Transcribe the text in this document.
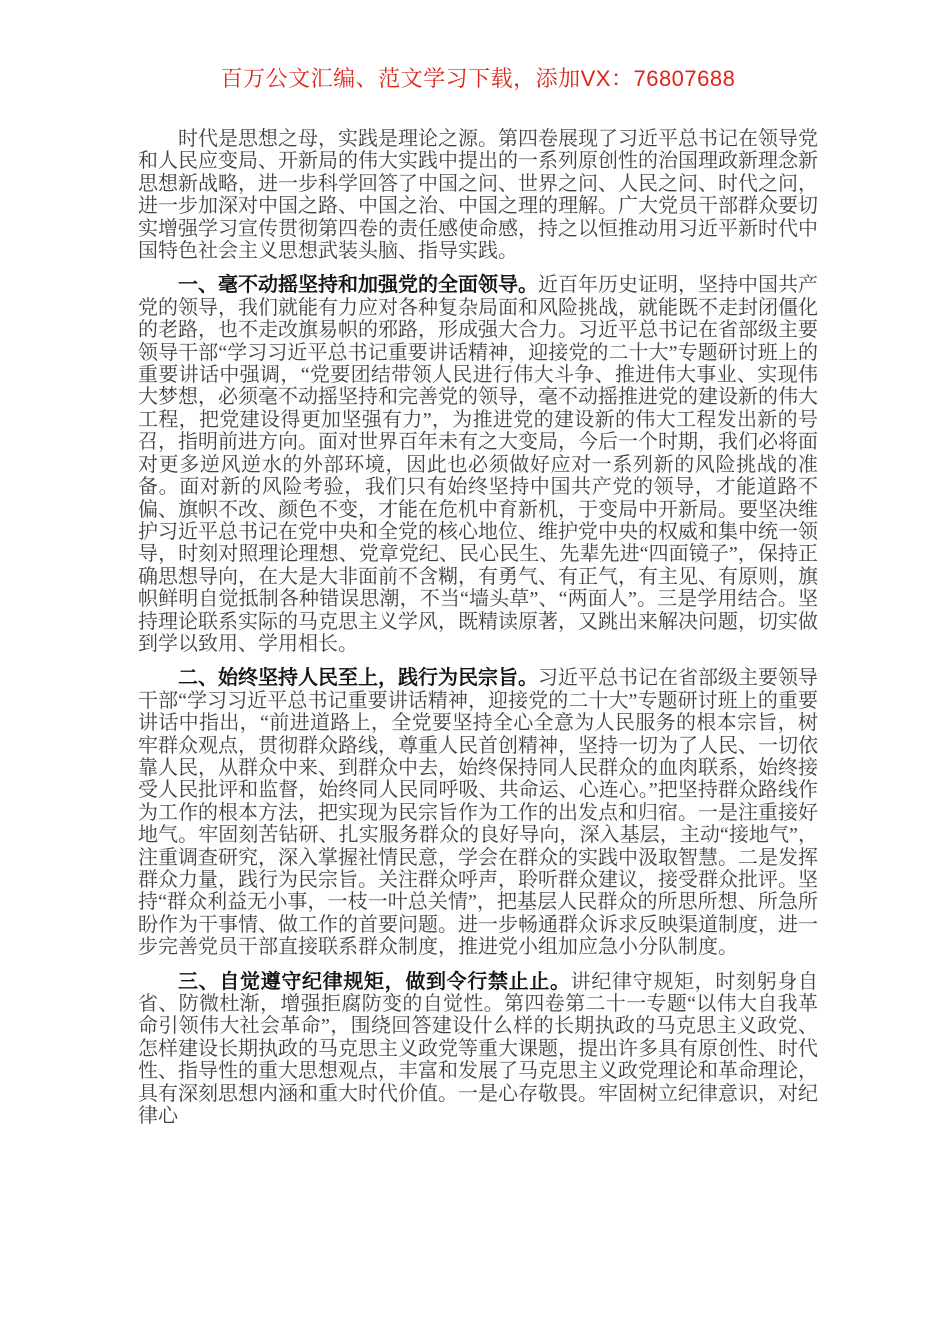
百万公文汇编、范文学习下载，添加VX：76807688

时代是思想之母，实践是理论之源。第四卷展现了习近平总书记在领导党和人民应变局、开新局的伟大实践中提出的一系列原创性的治国理政新理念新思想新战略，进一步科学回答了中国之问、世界之问、人民之问、时代之问，进一步加深对中国之路、中国之治、中国之理的理解。广大党员干部群众要切实增强学习宣传贯彻第四卷的责任感使命感，持之以恒推动用习近平新时代中国特色社会主义思想武装头脑、指导实践。

一、毫不动摇坚持和加强党的全面领导。近百年历史证明，坚持中国共产党的领导，我们就能有力应对各种复杂局面和风险挑战，就能既不走封闭僵化的老路，也不走改旗易帜的邪路，形成强大合力。习近平总书记在省部级主要领导干部“学习习近平总书记重要讲话精神，迎接党的二十大”专题研讨班上的重要讲话中强调，“党要团结带领人民进行伟大斗争、推进伟大事业、实现伟大梦想，必须毫不动摇坚持和完善党的领导，毫不动摇推进党的建设新的伟大工程，把党建设得更加坚强有力”，为推进党的建设新的伟大工程发出新的号召，指明前进方向。面对世界百年未有之大变局，今后一个时期，我们必将面对更多逆风逆水的外部环境，因此也必须做好应对一系列新的风险挑战的准备。面对新的风险考验，我们只有始终坚持中国共产党的领导，才能道路不偏、旗帜不改、颜色不变，才能在危机中育新机，于变局中开新局。要坚决维护习近平总书记在党中央和全党的核心地位、维护党中央的权威和集中统一领导，时刻对照理论理想、党章党纪、民心民生、先辈先进“四面镜子”，保持正确思想导向，在大是大非面前不含糊，有勇气、有正气，有主见、有原则，旗帜鲜明自觉抵制各种错误思潮，不当“墙头草”、“两面人”。三是学用结合。坚持理论联系实际的马克思主义学风，既精读原著，又跳出来解决问题，切实做到学以致用、学用相长。

二、始终坚持人民至上，践行为民宗旨。习近平总书记在省部级主要领导干部“学习习近平总书记重要讲话精神，迎接党的二十大”专题研讨班上的重要讲话中指出，“前进道路上，全党要坚持全心全意为人民服务的根本宗旨，树牢群众观点，贯彻群众路线，尊重人民首创精神，坚持一切为了人民、一切依靠人民，从群众中来、到群众中去，始终保持同人民群众的血肉联系，始终接受人民批评和监督，始终同人民同呼吸、共命运、心连心。”把坚持群众路线作为工作的根本方法，把实现为民宗旨作为工作的出发点和归宿。一是注重接好地气。牢固刻苦钻研、扎实服务群众的良好导向，深入基层，主动“接地气”，注重调查研究，深入掌握社情民意，学会在群众的实践中汲取智慧。二是发挥群众力量，践行为民宗旨。关注群众呼声，聆听群众建议，接受群众批评。坚持“群众利益无小事，一枝一叶总关情”，把基层人民群众的所思所想、所急所盼作为干事情、做工作的首要问题。进一步畅通群众诉求反映渠道制度，进一步完善党员干部直接联系群众制度，推进党小组加应急小分队制度。

三、自觉遵守纪律规矩，做到令行禁止止。讲纪律守规矩，时刻躬身自省、防微杜渐，增强拒腐防变的自觉性。第四卷第二十一专题“以伟大自我革命引领伟大社会革命”，围绕回答建设什么样的长期执政的马克思主义政党、怎样建设长期执政的马克思主义政党等重大课题，提出许多具有原创性、时代性、指导性的重大思想观点，丰富和发展了马克思主义政党理论和革命理论，具有深刻思想内涵和重大时代价值。一是心存敬畏。牢固树立纪律意识，对纪律心
